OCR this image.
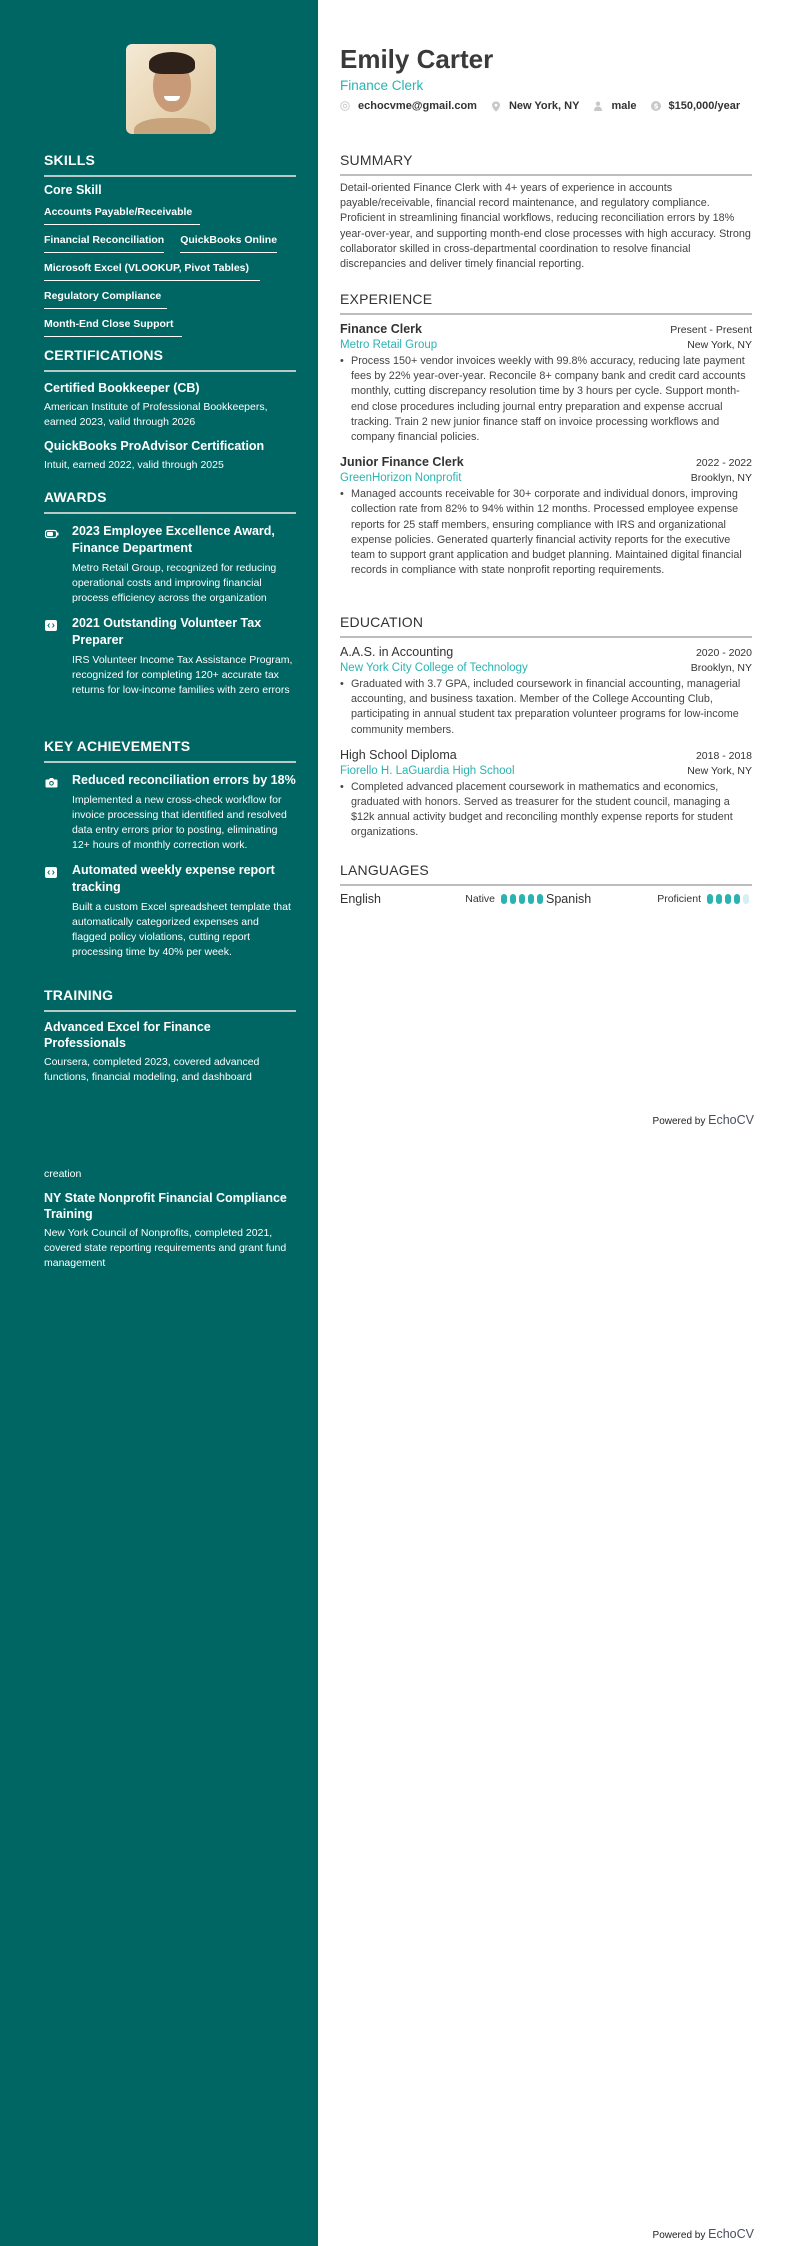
SKILLS
Core Skill
Accounts Payable/Receivable
Financial Reconciliation QuickBooks Online
Microsoft Excel (VLOOKUP, Pivot Tables)
Regulatory Compliance
Month-End Close Support
CERTIFICATIONS
Certified Bookkeeper (CB)
American Institute of Professional Bookkeepers, earned 2023, valid through 2026
QuickBooks ProAdvisor Certification
Intuit, earned 2022, valid through 2025
AWARDS
2023 Employee Excellence Award, Finance Department
Metro Retail Group, recognized for reducing operational costs and improving financial process efficiency across the organization
2021 Outstanding Volunteer Tax Preparer
IRS Volunteer Income Tax Assistance Program, recognized for completing 120+ accurate tax returns for low-income families with zero errors
KEY ACHIEVEMENTS
Reduced reconciliation errors by 18%
Implemented a new cross-check workflow for invoice processing that identified and resolved data entry errors prior to posting, eliminating 12+ hours of monthly correction work.
Automated weekly expense report tracking
Built a custom Excel spreadsheet template that automatically categorized expenses and flagged policy violations, cutting report processing time by 40% per week.
TRAINING
Advanced Excel for Finance Professionals
Coursera, completed 2023, covered advanced functions, financial modeling, and dashboard
creation
NY State Nonprofit Financial Compliance Training
New York Council of Nonprofits, completed 2021, covered state reporting requirements and grant fund management
Emily Carter
Finance Clerk
echocvme@gmail.com	New York, NY	male $ $150,000/year
SUMMARY
Detail-oriented Finance Clerk with 4+ years of experience in accounts payable/receivable, financial record maintenance, and regulatory compliance. Proficient in streamlining financial workflows, reducing reconciliation errors by 18% year-over-year, and supporting month-end close processes with high accuracy. Strong collaborator skilled in cross-departmental coordination to resolve financial discrepancies and deliver timely financial reporting.
EXPERIENCE
Finance Clerk	Present - Present
Metro Retail Group	New York, NY
• Process 150+ vendor invoices weekly with 99.8% accuracy, reducing late payment fees by 22% year-over-year. Reconcile 8+ company bank and credit card accounts monthly, cutting discrepancy resolution time by 3 hours per cycle. Support month-end close procedures including journal entry preparation and expense accrual tracking. Train 2 new junior finance staff on invoice processing workflows and company financial policies.
Junior Finance Clerk	2022 - 2022
GreenHorizon Nonprofit	Brooklyn, NY
• Managed accounts receivable for 30+ corporate and individual donors, improving collection rate from 82% to 94% within 12 months. Processed employee expense reports for 25 staff members, ensuring compliance with IRS and organizational expense policies. Generated quarterly financial activity reports for the executive team to support grant application and budget planning. Maintained digital financial records in compliance with state nonprofit reporting requirements.
EDUCATION
A.A.S. in Accounting	2020 - 2020
New York City College of Technology	Brooklyn, NY
• Graduated with 3.7 GPA, included coursework in financial accounting, managerial accounting, and business taxation. Member of the College Accounting Club, participating in annual student tax preparation volunteer programs for low-income community members.
High School Diploma	2018 - 2018
Fiorello H. LaGuardia High School	New York, NY
• Completed advanced placement coursework in mathematics and economics, graduated with honors. Served as treasurer for the student council, managing a $12k annual activity budget and reconciling monthly expense reports for student organizations.
LANGUAGES
English	Native	Spanish	Proficient
Powered by EchoCV
Powered by EchoCV
